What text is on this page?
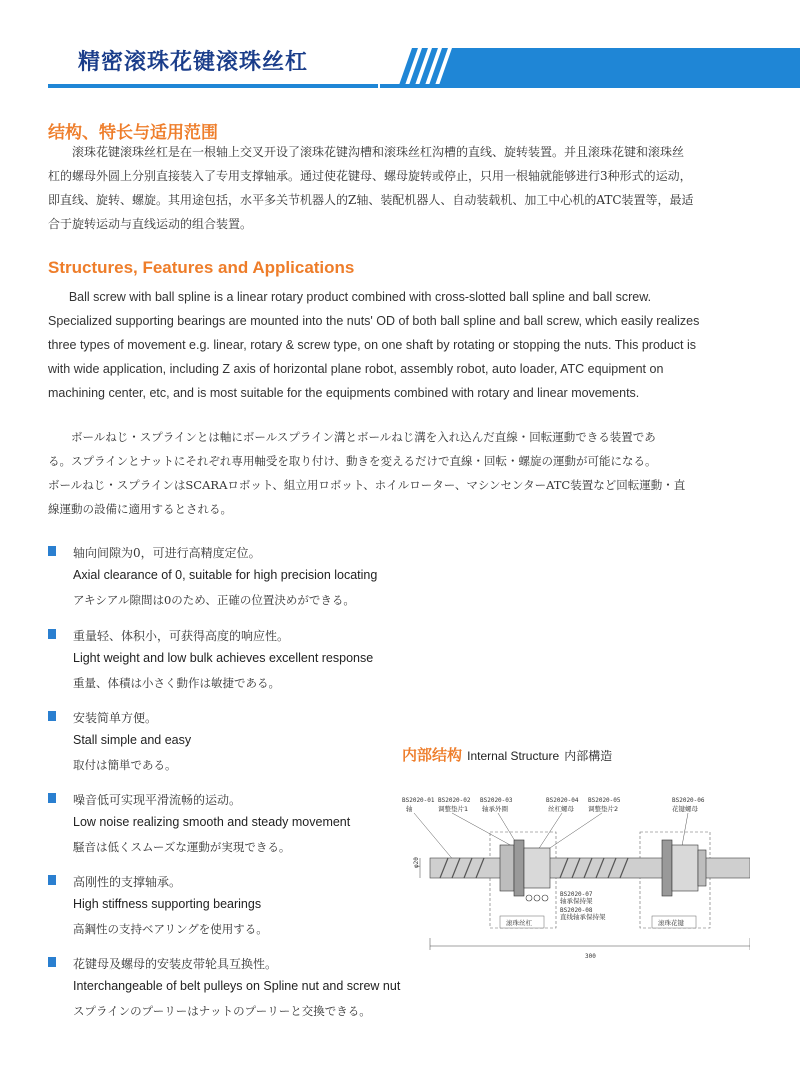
精密滚珠花键滚珠丝杠
结构、特长与适用范围
滚珠花键滚珠丝杠是在一根轴上交叉开设了滚珠花键沟槽和滚珠丝杠沟槽的直线、旋转装置。并且滚珠花键和滚珠丝
杠的螺母外圆上分别直接装入了专用支撑轴承。通过使花键母、螺母旋转或停止，只用一根轴就能够进行3种形式的运动，
即直线、旋转、螺旋。其用途包括，水平多关节机器人的Z轴、装配机器人、自动装载机、加工中心机的ATC装置等，最适
合于旋转运动与直线运动的组合装置。
Structures, Features and Applications
Ball screw with ball spline is a linear rotary product combined with cross-slotted ball spline and ball screw.
Specialized supporting bearings are mounted into the nuts' OD of both ball spline and ball screw, which easily realizes
three types of movement e.g. linear, rotary & screw type, on one shaft by rotating or stopping the nuts. This product is
with wide application, including Z axis of horizontal plane robot, assembly robot, auto loader, ATC equipment on
machining center, etc, and is most suitable for the equipments combined with rotary and linear movements.
　　ボールねじ・スプラインとは軸にボールスプライン溝とボールねじ溝を入れ込んだ直線・回転運動できる装置であ
る。スプラインとナットにそれぞれ専用軸受を取り付け、動きを変えるだけで直線・回転・螺旋の運動が可能になる。
ボールねじ・スプラインはSCARAロボット、組立用ロボット、ホイルローター、マシンセンターATC装置など回転運動・直
線運動の設備に適用するとされる。
轴向间隙为0，可进行高精度定位。
Axial clearance of 0, suitable for high precision locating
アキシアル隙間は0のため、正確の位置決めができる。
重量轻、体积小，可获得高度的响应性。
Light weight and low bulk achieves excellent response
重量、体積は小さく動作は敏捷である。
安装简单方便。
Stall simple and easy
取付は簡単である。
噪音低可实现平滑流畅的运动。
Low noise realizing smooth and steady movement
騒音は低くスムーズな運動が実現できる。
高刚性的支撑轴承。
High stiffness supporting bearings
高鋼性の支持ベアリングを使用する。
花键母及螺母的安装皮带轮具互换性。
Interchangeable of belt pulleys on Spline nut and screw nut
スプラインのプーリーはナットのプーリーと交換できる。
内部结构 Internal Structure 内部構造
BS2020-01
轴
BS2020-02
调整垫片1
BS2020-03
轴承外圈
BS2020-04
丝杠螺母
BS2020-05
调整垫片2
BS2020-06
花键螺母
BS2020-07
轴承保持架
BS2020-08
直线轴承保持架
滚珠丝杠	滚珠花键
φ20
300
